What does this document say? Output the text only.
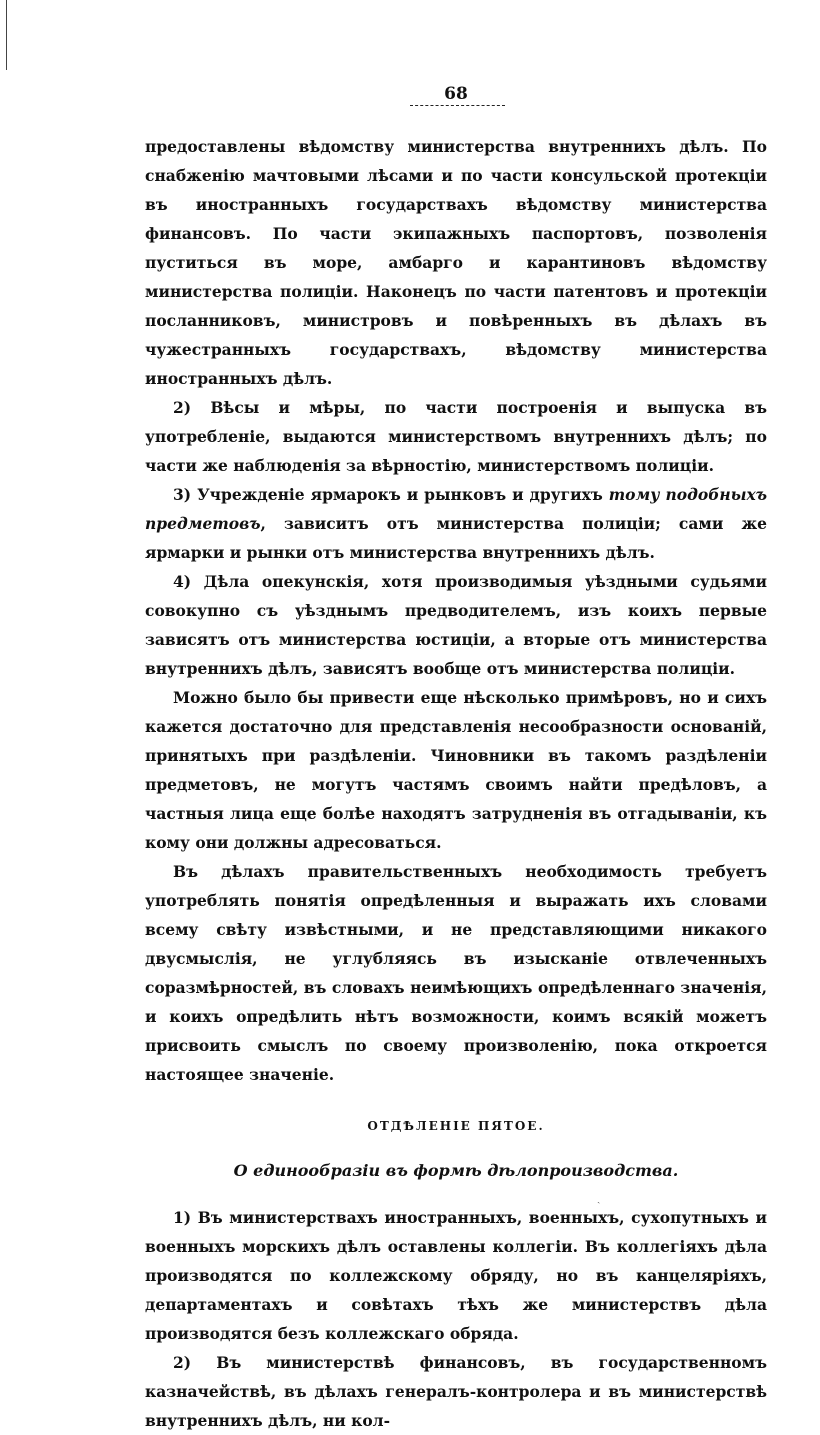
68

предоставлены вѣдомству министерства внутреннихъ дѣлъ. По снабженію мачтовыми лѣсами и по части консульской протекціи въ иностранныхъ государствахъ вѣдомству министерства финансовъ. По части экипажныхъ паспортовъ, позволенія пуститься въ море, амбарго и карантиновъ вѣдомству министерства полиціи. Наконецъ по части патентовъ и протекціи посланниковъ, министровъ и повѣренныхъ въ дѣлахъ въ чужестранныхъ государствахъ, вѣдомству министерства иностранныхъ дѣлъ.

2) Вѣсы и мѣры, по части построенія и выпуска въ употребленіе, выдаются министерствомъ внутреннихъ дѣлъ; по части же наблюденія за вѣрностію, министерствомъ полиціи.

3) Учрежденіе ярмарокъ и рынковъ и другихъ тому подобныхъ предметовъ, зависитъ отъ министерства полиціи; сами же ярмарки и рынки отъ министерства внутреннихъ дѣлъ.

4) Дѣла опекунскія, хотя производимыя уѣздными судьями совокупно съ уѣзднымъ предводителемъ, изъ коихъ первые зависятъ отъ министерства юстиціи, а вторые отъ министерства внутреннихъ дѣлъ, зависятъ вообще отъ министерства полиціи.

Можно было бы привести еще нѣсколько примѣровъ, но и сихъ кажется достаточно для представленія несообразности основаній, принятыхъ при раздѣленіи. Чиновники въ такомъ раздѣленіи предметовъ, не могутъ частямъ своимъ найти предѣловъ, а частныя лица еще болѣе находятъ затрудненія въ отгадываніи, къ кому они должны адресоваться.

Въ дѣлахъ правительственныхъ необходимость требуетъ употреблять понятія опредѣленныя и выражать ихъ словами всему свѣту извѣстными, и не представляющими никакого двусмыслія, не углубляясь въ изысканіе отвлеченныхъ соразмѣрностей, въ словахъ неимѣющихъ опредѣленнаго значенія, и коихъ опредѣлить нѣтъ возможности, коимъ всякій можетъ присвоить смыслъ по своему произволенію, пока откроется настоящее значеніе.

ОТДѢЛЕНІЕ ПЯТОЕ.
О единообразіи въ формѣ дѣлопроизводства.

1) Въ министерствахъ иностранныхъ, военныхъ, сухопутныхъ и военныхъ морскихъ дѣлъ оставлены коллегіи. Въ коллегіяхъ дѣла производятся по коллежскому обряду, но въ канцеляріяхъ, департаментахъ и совѣтахъ тѣхъ же министерствъ дѣла производятся безъ коллежскаго обряда.

2) Въ министерствѣ финансовъ, въ государственномъ казначействѣ, въ дѣлахъ генералъ-контролера и въ министерствѣ внутреннихъ дѣлъ, ни кол-

ˎ
